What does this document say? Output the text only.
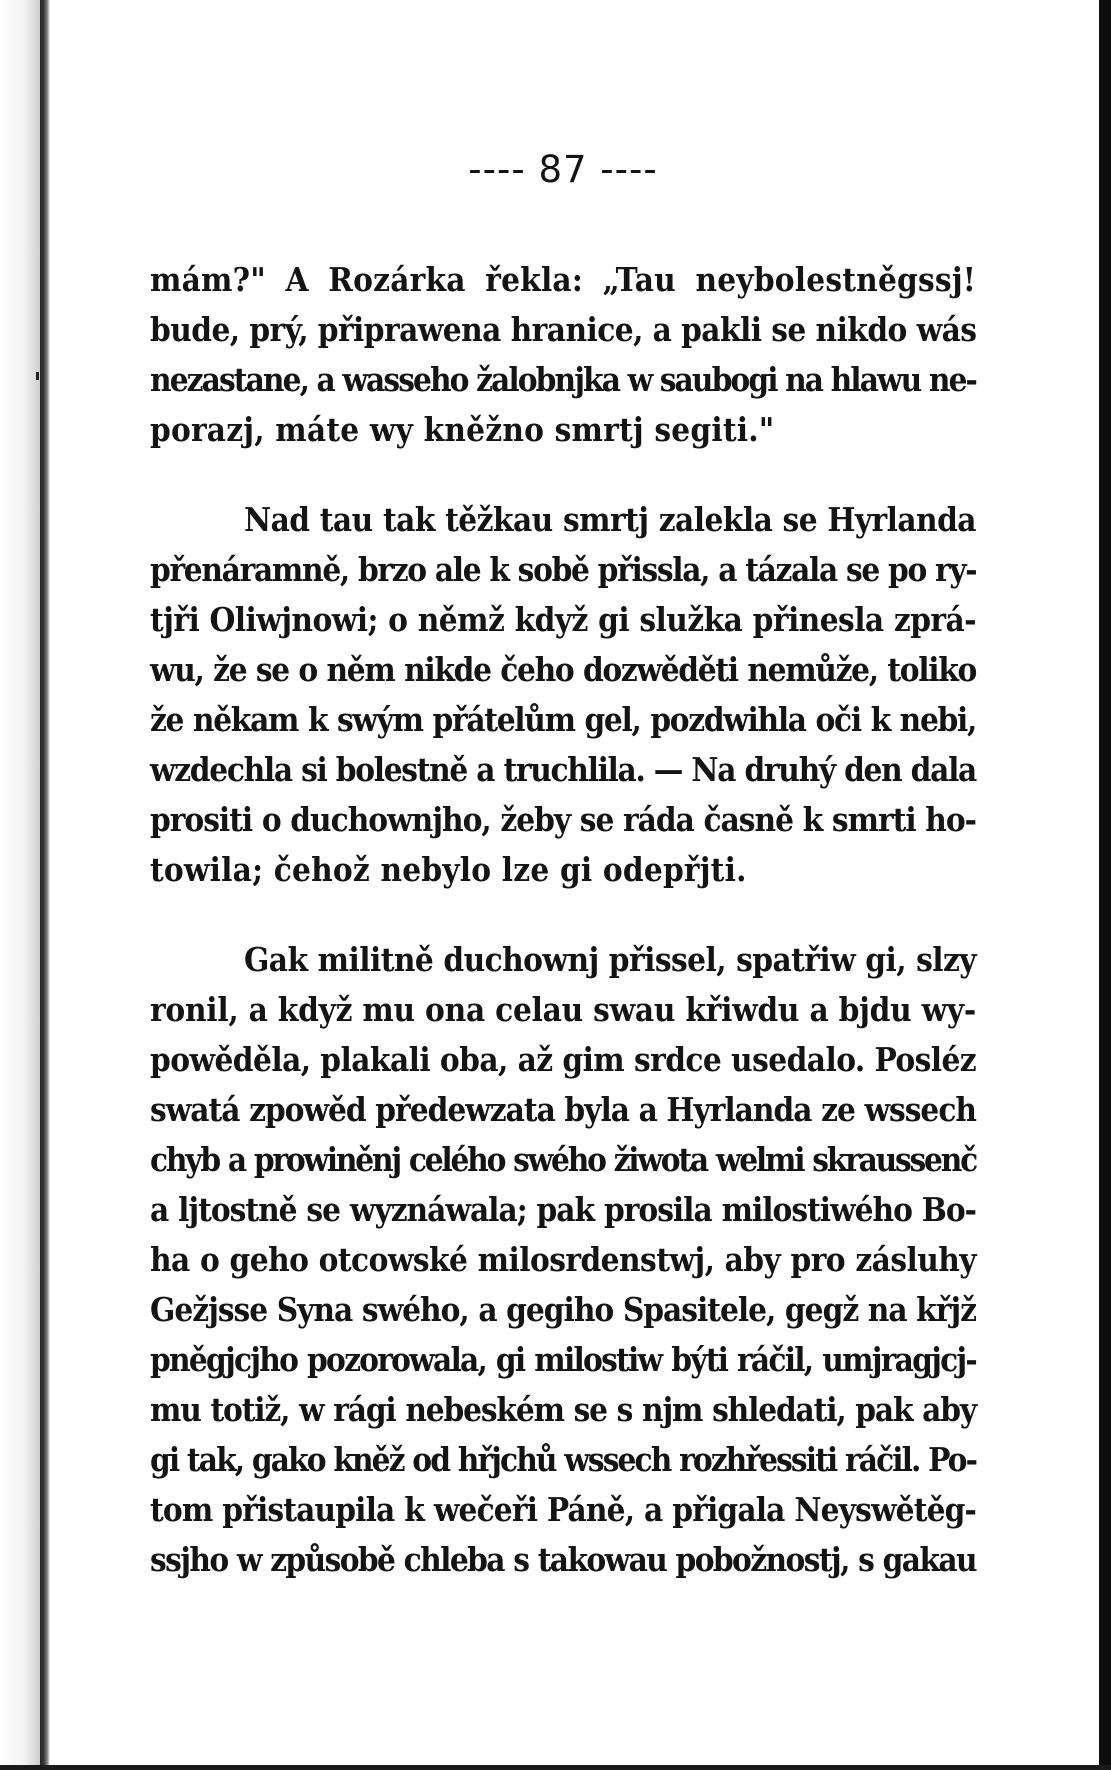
---- 87 ----
mám?" A Rozárka řekla: „Tau neybolestněgssj!
bude, prý, připrawena hranice, a pakli se nikdo wás
nezastane, a wasseho žalobnjka w saubogi na hlawu ne-
porazj, máte wy kněžno smrtj segiti."
Nad tau tak těžkau smrtj zalekla se Hyrlanda
přenáramně, brzo ale k sobě přissla, a tázala se po ry-
tjři Oliwjnowi; o němž když gi služka přinesla zprá-
wu, že se o něm nikde čeho dozwěděti nemůže, toliko
že někam k swým přátelům gel, pozdwihla oči k nebi,
wzdechla si bolestně a truchlila. — Na druhý den dala
prositi o duchownjho, žeby se ráda časně k smrti ho-
towila; čehož nebylo lze gi odepřjti.
Gak militně duchownj přissel, spatřiw gi, slzy
ronil, a když mu ona celau swau křiwdu a bjdu wy-
powěděla, plakali oba, až gim srdce usedalo. Posléz
swatá zpowěd předewzata byla a Hyrlanda ze wssech
chyb a prowiněnj celého swého žiwota welmi skraussenč
a ljtostně se wyznáwala; pak prosila milostiwého Bo-
ha o geho otcowské milosrdenstwj, aby pro zásluhy
Gežjsse Syna swého, a gegiho Spasitele, gegž na křjž
pněgjcjho pozorowala, gi milostiw býti ráčil, umjragjcj-
mu totiž, w rági nebeském se s njm shledati, pak aby
gi tak, gako kněž od hřjchů wssech rozhřessiti ráčil. Po-
tom přistaupila k wečeři Páně, a přigala Neyswětěg-
ssjho w způsobě chleba s takowau pobožnostj, s gakau
